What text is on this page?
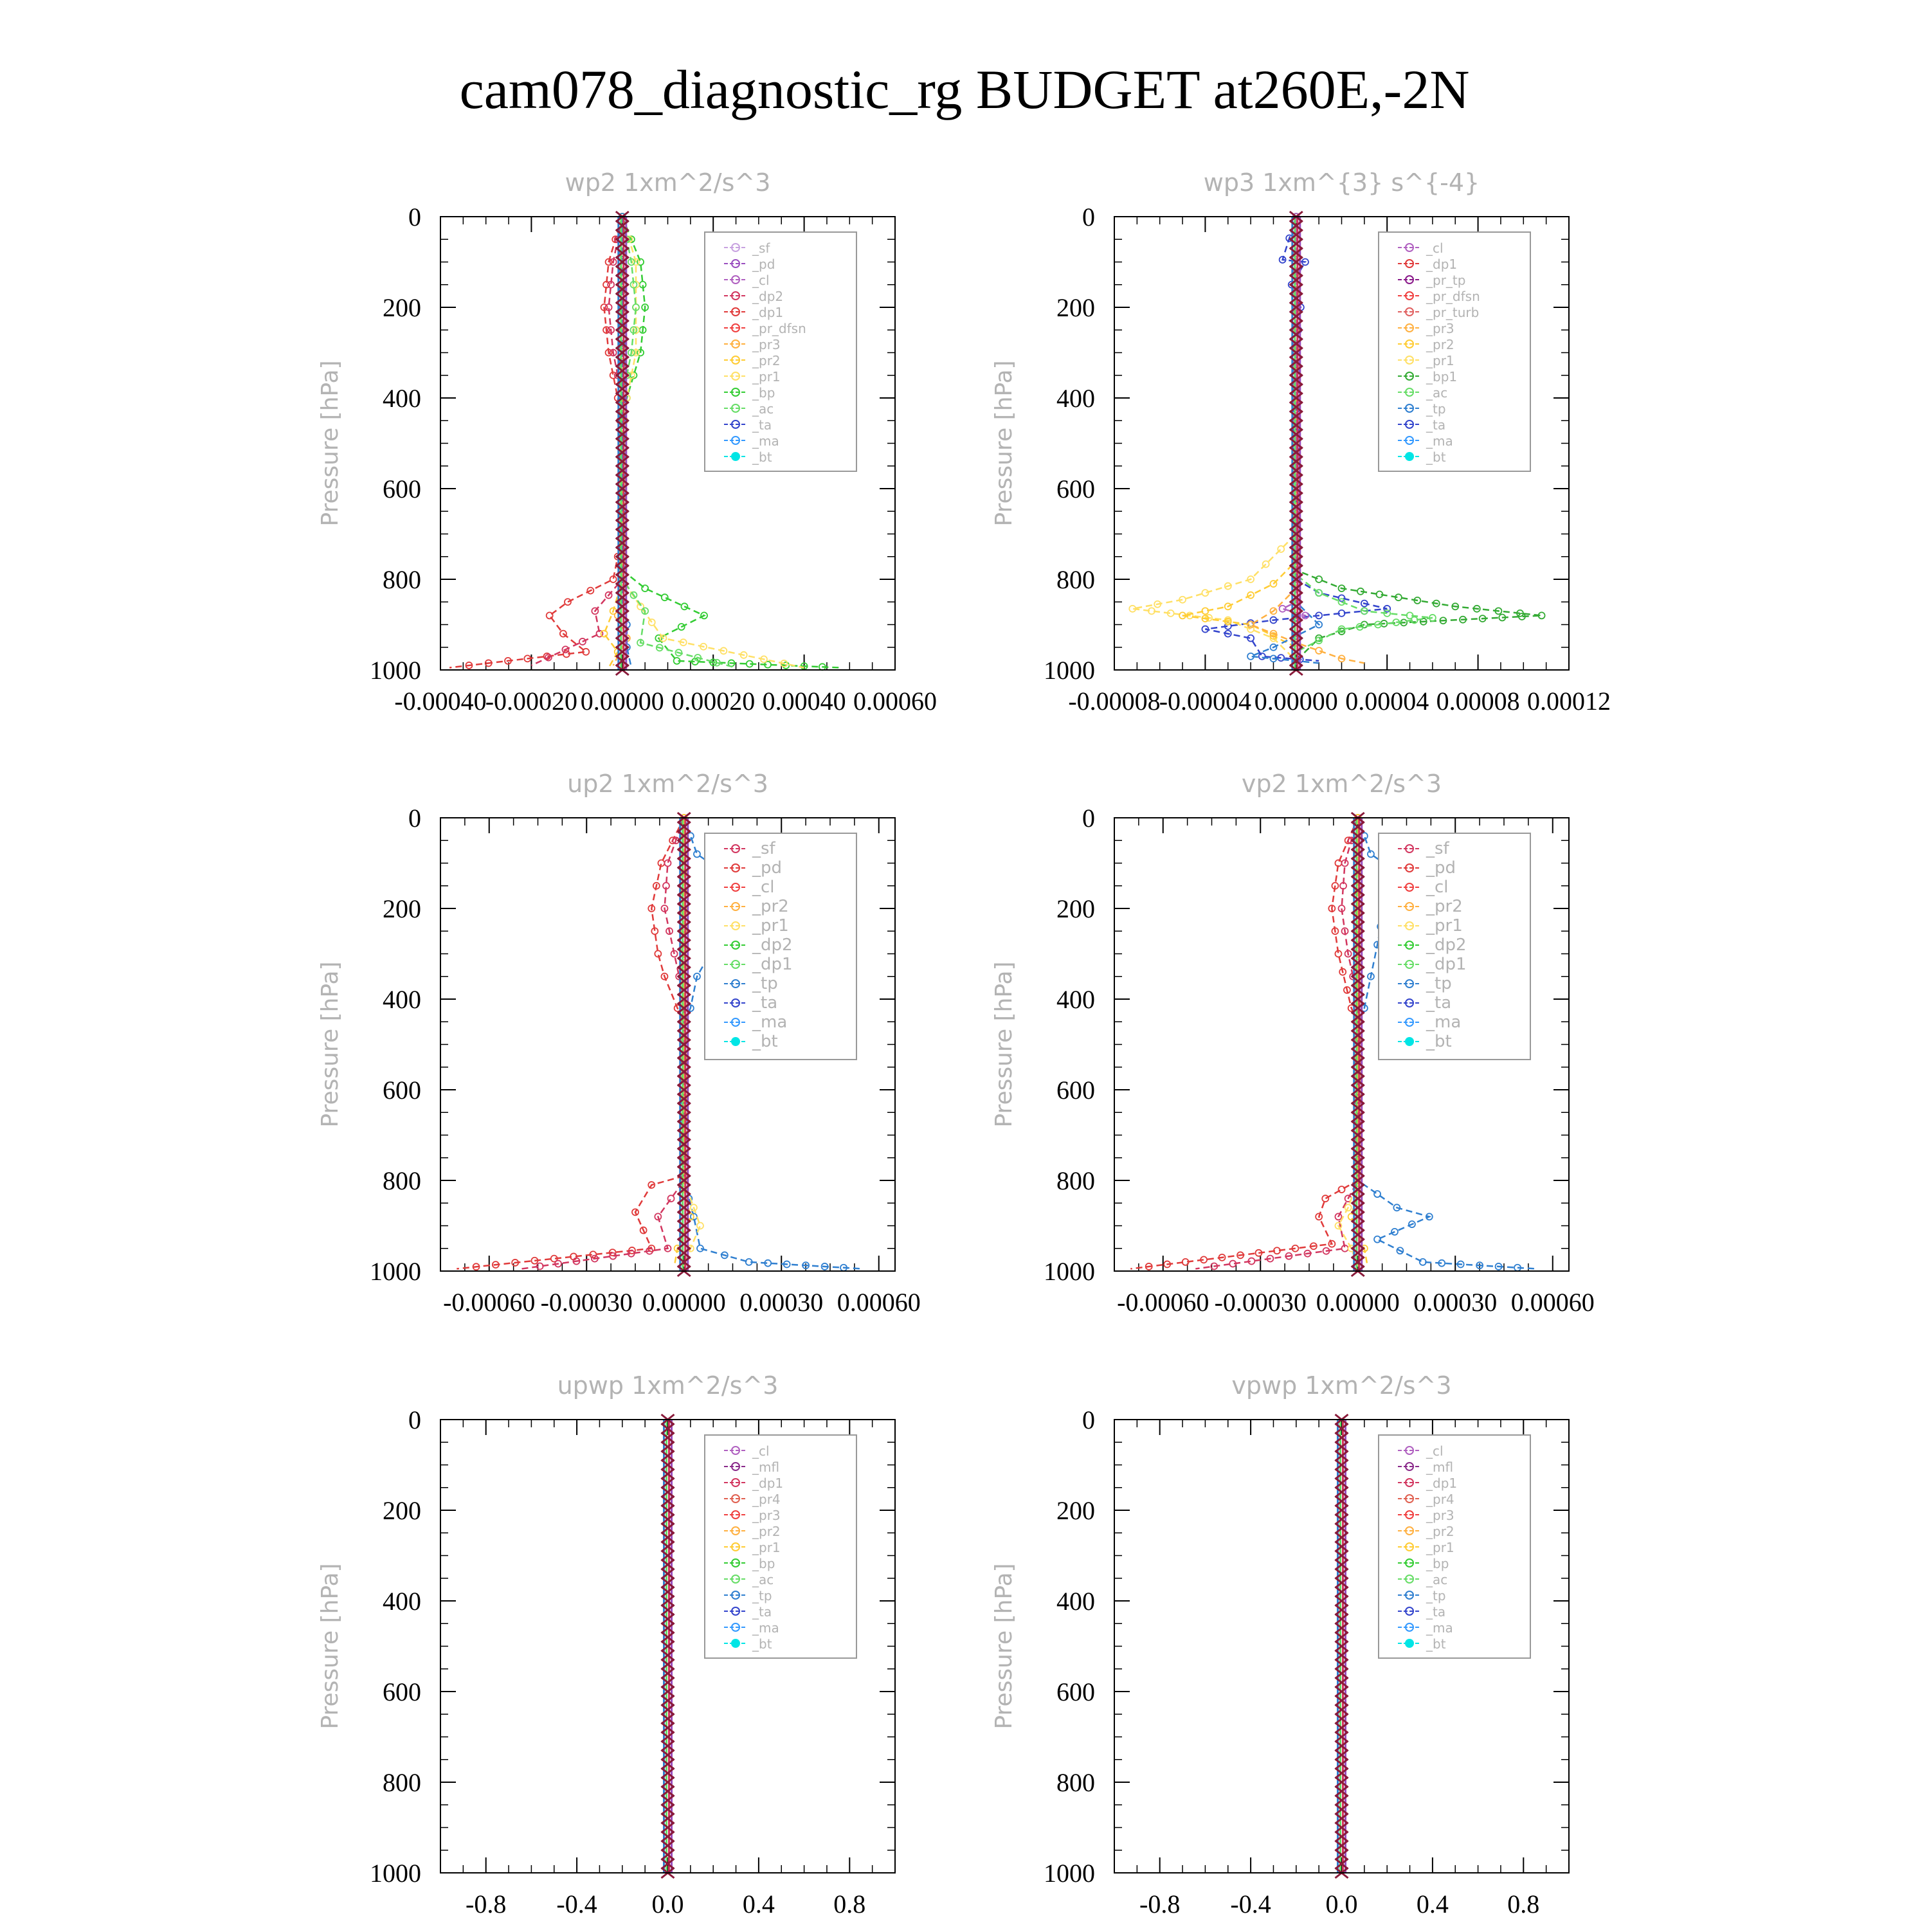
cam078_diagnostic_rg BUDGET at260E,-2N
wp2 1xm^2/s^3
Pressure [hPa]
0
200
400
600
800
1000
-0.00040
-0.00020 0.00000 0.00020 0.00040 0.00060
_sf
_pd
_cl
_dp2
_dp1
_pr_dfsn
_pr3
_pr2
_pr1
_bp
_ac
_ta
_ma
_bt
wp3 1xm^{3} s^{-4}
Pressure [hPa]
0
200
400
600
800
1000
-0.00008
-0.00004 0.00000 0.00004 0.00008 0.00012
_cl
_dp1
_pr_tp
_pr_dfsn
_pr_turb
_pr3
_pr2
_pr1
_bp1
_ac
_tp
_ta
_ma
_bt
up2 1xm^2/s^3
Pressure [hPa]
0
200
400
600
800
1000
-0.00060 -0.00030 0.00000 0.00030 0.00060
_sf
_pd
_cl
_pr2
_pr1
_dp2
_dp1
_tp
_ta
_ma
_bt
vp2 1xm^2/s^3
Pressure [hPa]
0
200
400
600
800
1000
-0.00060 -0.00030 0.00000 0.00030 0.00060
_sf
_pd
_cl
_pr2
_pr1
_dp2
_dp1
_tp
_ta
_ma
_bt
upwp 1xm^2/s^3
Pressure [hPa]
0
200
400
600
800
1000
-0.8 -0.4 0.0 0.4 0.8
_cl
_mfl
_dp1
_pr4
_pr3
_pr2
_pr1
_bp
_ac
_tp
_ta
_ma
_bt
vpwp 1xm^2/s^3
Pressure [hPa]
0
200
400
600
800
1000
-0.8 -0.4 0.0 0.4 0.8
_cl
_mfl
_dp1
_pr4
_pr3
_pr2
_pr1
_bp
_ac
_tp
_ta
_ma
_bt
